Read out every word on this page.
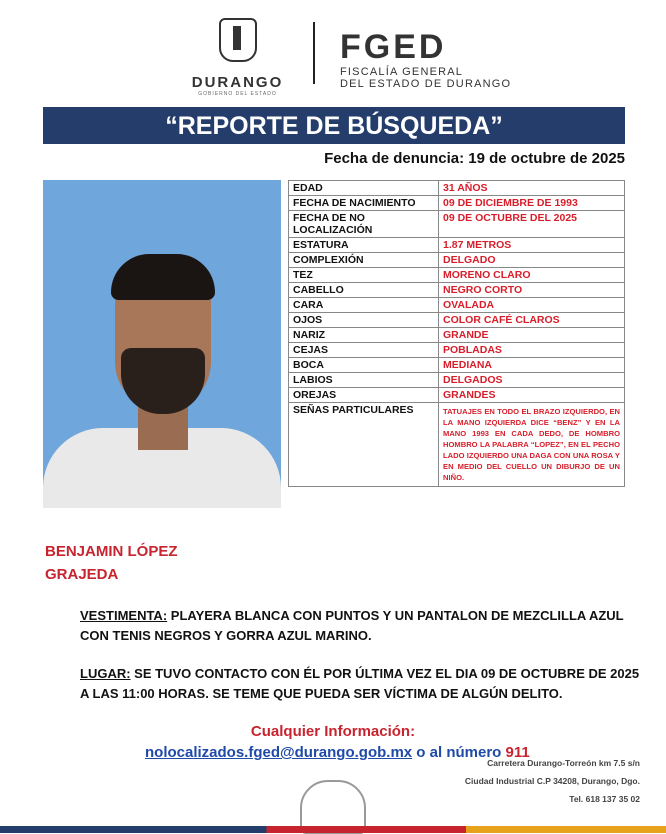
DURANGO
GOBIERNO DEL ESTADO
FGED
FISCALÍA GENERAL
DEL ESTADO DE DURANGO
“REPORTE DE BÚSQUEDA”
Fecha de denuncia: 19 de octubre de 2025
EDAD	31 AÑOS
FECHA DE NACIMIENTO	09 DE DICIEMBRE DE 1993
FECHA DE NO LOCALIZACIÓN	09 DE OCTUBRE DEL 2025
ESTATURA	1.87 METROS
COMPLEXIÓN	DELGADO
TEZ	MORENO CLARO
CABELLO	NEGRO CORTO
CARA	OVALADA
OJOS	COLOR CAFÉ CLAROS
NARIZ	GRANDE
CEJAS	POBLADAS
BOCA	MEDIANA
LABIOS	DELGADOS
OREJAS	GRANDES
SEÑAS PARTICULARES	TATUAJES EN TODO EL BRAZO IZQUIERDO, EN LA MANO IZQUIERDA DICE “BENZ” Y EN LA MANO 1993 EN CADA DEDO, DE HOMBRO HOMBRO LA PALABRA “LOPEZ”, EN EL PECHO LADO IZQUIERDO UNA DAGA CON UNA ROSA Y EN MEDIO DEL CUELLO UN DIBURJO DE UN NIÑO.
BENJAMIN LÓPEZ
GRAJEDA
VESTIMENTA: PLAYERA BLANCA CON PUNTOS Y UN PANTALON DE MEZCLILLA AZUL CON TENIS NEGROS Y GORRA AZUL MARINO.
LUGAR: SE TUVO CONTACTO CON ÉL POR ÚLTIMA VEZ EL DIA 09 DE OCTUBRE DE 2025 A LAS 11:00 HORAS. SE TEME QUE PUEDA SER VÍCTIMA DE ALGÚN DELITO.
Cualquier Información:
nolocalizados.fged@durango.gob.mx o al número 911
Carretera Durango-Torreón km 7.5 s/n
Ciudad Industrial C.P 34208, Durango, Dgo.
Tel. 618 137 35 02
